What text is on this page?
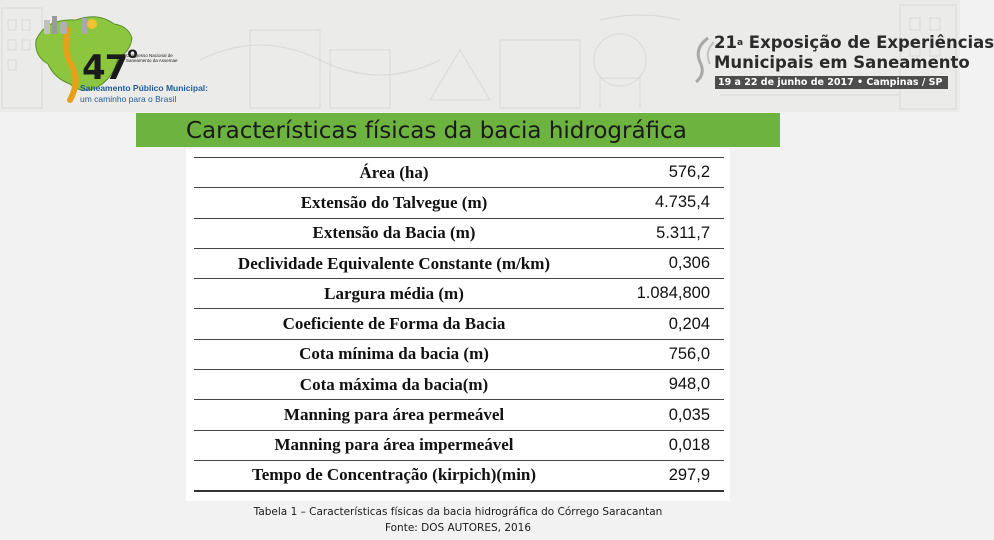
47$^o$
Congresso Nacional de Saneamento da Assemae
Saneamento Público Municipal:
um caminho para o Brasil
21$^a$ Exposição de Experiências
Municipais em Saneamento
19 a 22 de junho de 2017 • Campinas / SP
Características físicas da bacia hidrográfica
Área (ha)	576,2
Extensão do Talvegue (m)	4.735,4
Extensão da Bacia (m)	5.311,7
Declividade Equivalente Constante (m/km)	0,306
Largura média (m)	1.084,800
Coeficiente de Forma da Bacia	0,204
Cota mínima da bacia (m)	756,0
Cota máxima da bacia(m)	948,0
Manning para área permeável	0,035
Manning para área impermeável	0,018
Tempo de Concentração (kirpich)(min)	297,9
Tabela 1 – Características físicas da bacia hidrográfica do Córrego Saracantan
Fonte: DOS AUTORES, 2016
